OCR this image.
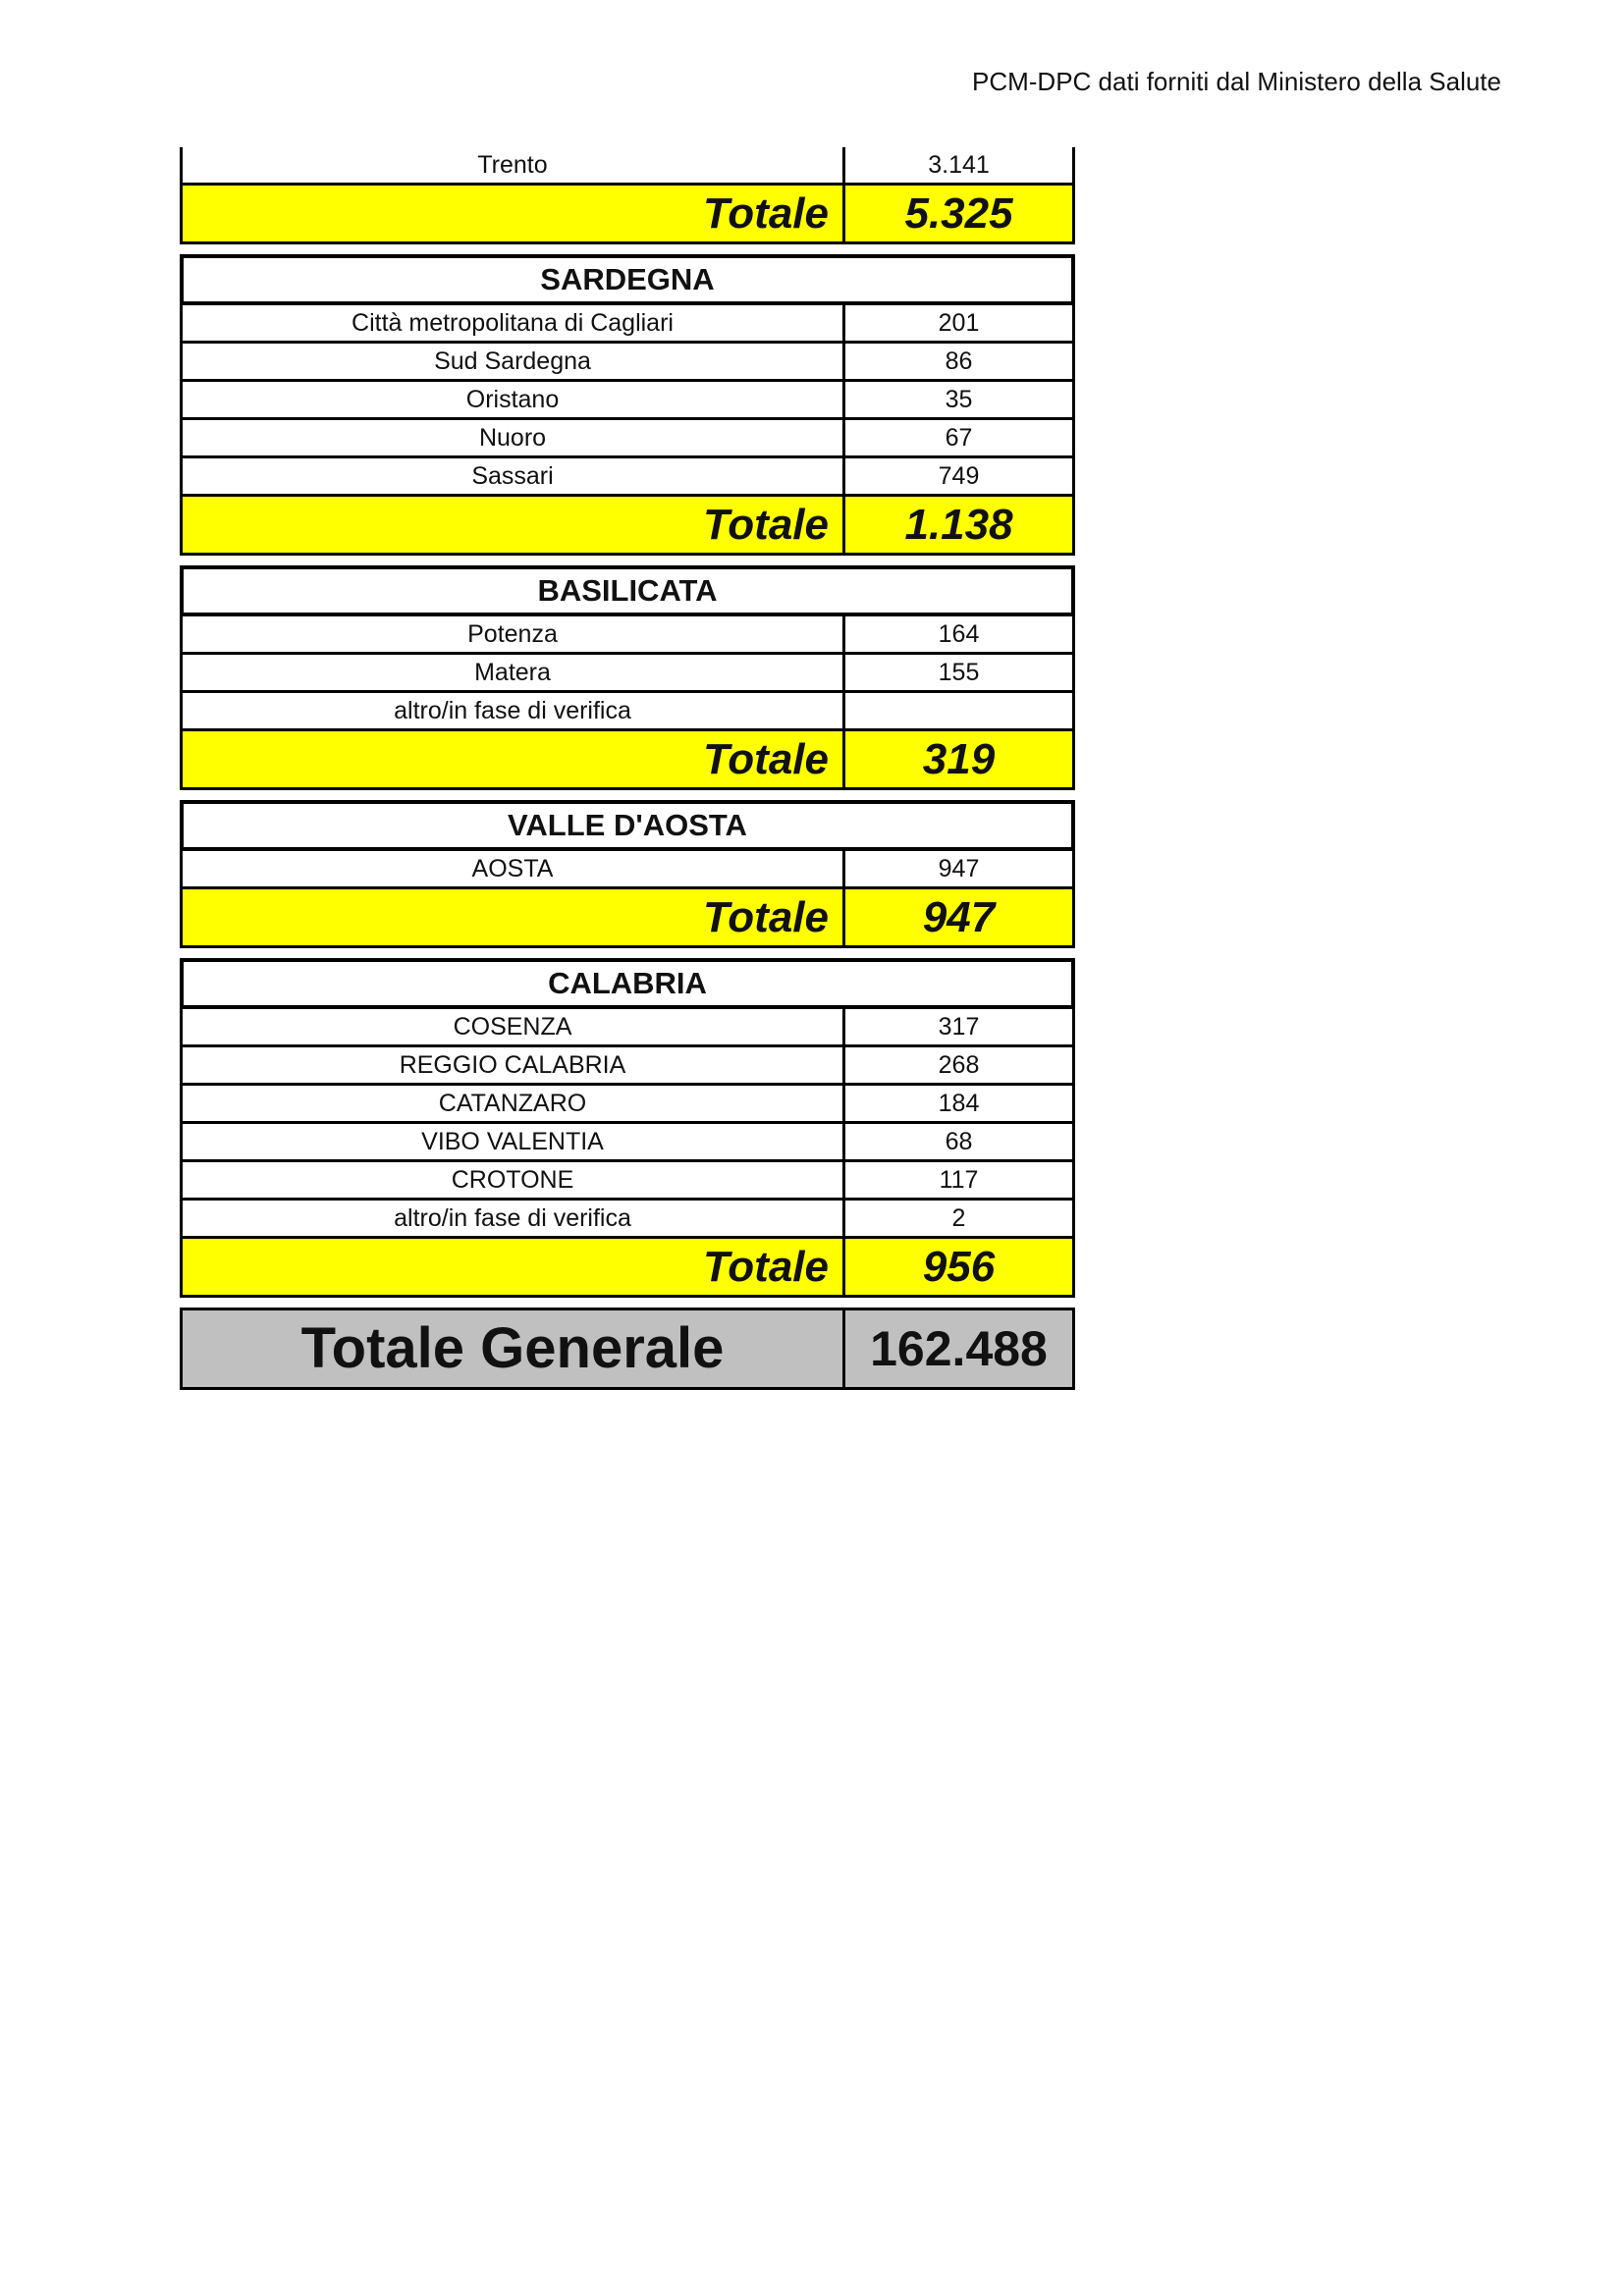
PCM-DPC dati forniti dal Ministero della Salute
Trento	3.141
Totale	5.325
SARDEGNA
Città metropolitana di Cagliari	201
Sud Sardegna	86
Oristano	35
Nuoro	67
Sassari	749
Totale	1.138
BASILICATA
Potenza	164
Matera	155
altro/in fase di verifica
Totale	319
VALLE D'AOSTA
AOSTA	947
Totale	947
CALABRIA
COSENZA	317
REGGIO CALABRIA	268
CATANZARO	184
VIBO VALENTIA	68
CROTONE	117
altro/in fase di verifica	2
Totale	956
Totale Generale	162.488
